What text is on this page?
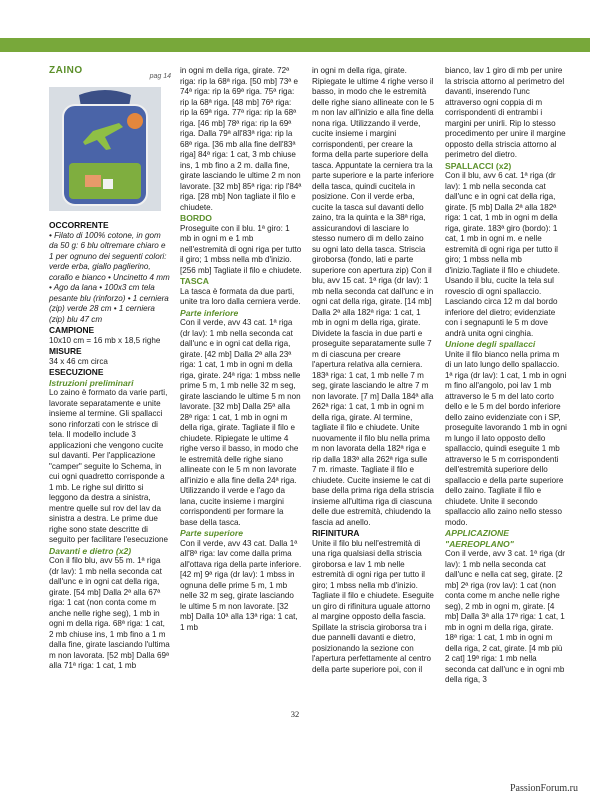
ZAINO
pag 14

OCCORRENTE

• Filato di 100% cotone, in gom da 50 g: 6 blu oltremare chiaro e 1 per ognuno dei seguenti colori: verde erba, giallo paglierino, corallo e bianco • Uncinetto 4 mm • Ago da lana • 100x3 cm tela pesante blu (rinforzo) • 1 cerniera (zip) verde 28 cm • 1 cerniera (zip) blu 47 cm

CAMPIONE

10x10 cm = 16 mb x 18,5 righe

MISURE

34 x 46 cm circa

ESECUZIONE

Istruzioni preliminari

Lo zaino è formato da varie parti, lavorate separatamente e unite insieme al termine. Gli spallacci sono rinforzati con le strisce di tela. Il modello include 3 applicazioni che vengono cucite sul davanti. Per l'applicazione "camper" seguite lo Schema, in cui ogni quadretto corrisponde a 1 mb. Le righe sul diritto si leggono da destra a sinistra, mentre quelle sul rov del lav da sinistra a destra. Le prime due righe sono state descritte di seguito per facilitare l'esecuzione

Davanti e dietro (x2)

Con il filo blu, avv 55 m. 1ª riga (dr lav): 1 mb nella seconda cat dall'unc e in ogni cat della riga, girate. [54 mb] Dalla 2ª alla 67ª riga: 1 cat (non conta come m anche nelle righe seg), 1 mb in ogni m della riga. 68ª riga: 1 cat, 2 mb chiuse ins, 1 mb fino a 1 m dalla fine, girate lasciando l'ultima m non lavorata. [52 mb] Dalla 69ª alla 71ª riga: 1 cat, 1 mb

in ogni m della riga, girate. 72ª riga: rip la 68ª riga. [50 mb] 73ª e 74ª riga: rip la 69ª riga. 75ª riga: rip la 68ª riga. [48 mb] 76ª riga: rip la 69ª riga. 77ª riga: rip la 68ª riga. [46 mb] 78ª riga: rip la 69ª riga. Dalla 79ª all'83ª riga: rip la 68ª riga. [36 mb alla fine dell'83ª riga] 84ª riga: 1 cat, 3 mb chiuse ins, 1 mb fino a 2 m. dalla fine, girate lasciando le ultime 2 m non lavorate. [32 mb] 85ª riga: rip l'84ª riga. [28 mb] Non tagliate il filo e chiudete.

BORDO

Proseguite con il blu. 1ª giro: 1 mb in ogni m e 1 mb nell'estremità di ogni riga per tutto il giro; 1 mbss nella mb d'inizio. [256 mb] Tagliate il filo e chiudete.

TASCA

La tasca è formata da due parti, unite tra loro dalla cerniera verde.

Parte inferiore

Con il verde, avv 43 cat. 1ª riga (dr lav): 1 mb nella seconda cat dall'unc e in ogni cat della riga, girate. [42 mb] Dalla 2ª alla 23ª riga: 1 cat, 1 mb in ogni m della riga, girate. 24ª riga: 1 mbss nelle prime 5 m, 1 mb nelle 32 m seg, girate lasciando le ultime 5 m non lavorate. [32 mb] Dalla 25ª alla 28ª riga: 1 cat, 1 mb in ogni m della riga, girate. Tagliate il filo e chiudete. Ripiegate le ultime 4 righe verso il basso, in modo che le estremità delle righe siano allineate con le 5 m non lavorate all'inizio e alla fine della 24ª riga. Utilizzando il verde e l'ago da lana, cucite insieme i margini corrispondenti per formare la base della tasca.

Parte superiore

Con il verde, avv 43 cat. Dalla 1ª all'8ª riga: lav come dalla prima all'ottava riga della parte inferiore. [42 m] 9ª riga (dr lav): 1 mbss in ognuna delle prime 5 m, 1 mb nelle 32 m seg, girate lasciando le ultime 5 m non lavorate. [32 mb] Dalla 10ª alla 13ª riga: 1 cat, 1 mb

in ogni m della riga, girate. Ripiegate le ultime 4 righe verso il basso, in modo che le estremità delle righe siano allineate con le 5 m non lav all'inizio e alla fine della nona riga. Utilizzando il verde, cucite insieme i margini corrispondenti, per creare la forma della parte superiore della tasca. Appuntate la cerniera tra la parte superiore e la parte inferiore della tasca, quindi cucitela in posizione. Con il verde erba, cucite la tasca sul davanti dello zaino, tra la quinta e la 38ª riga, assicurandovi di lasciare lo stesso numero di m dello zaino su ogni lato della tasca. Striscia giroborsa (fondo, lati e parte superiore con apertura zip) Con il blu, avv 15 cat. 1ª riga (dr lav): 1 mb nella seconda cat dall'unc e in ogni cat della riga, girate. [14 mb] Dalla 2ª alla 182ª riga: 1 cat, 1 mb in ogni m della riga, girate. Dividete la fascia in due parti e proseguite separatamente sulle 7 m di ciascuna per creare l'apertura relativa alla cerniera. 183ª riga: 1 cat, 1 mb nelle 7 m seg, girate lasciando le altre 7 m non lavorate. [7 m] Dalla 184ª alla 262ª riga: 1 cat, 1 mb in ogni m della riga, girate. Al termine, tagliate il filo e chiudete. Unite nuovamente il filo blu nella prima m non lavorata della 182ª riga e rip dalla 183ª alla 262ª riga sulle 7 m. rimaste. Tagliate il filo e chiudete. Cucite insieme le cat di base della prima riga della striscia insieme all'ultima riga di ciascuna delle due estremità, chiudendo la fascia ad anello.

RIFINITURA

Unite il filo blu nell'estremità di una riga qualsiasi della striscia giroborsa e lav 1 mb nelle estremità di ogni riga per tutto il giro; 1 mbss nella mb d'inizio. Tagliate il filo e chiudete. Eseguite un giro di rifinitura uguale attorno al margine opposto della fascia. Spillate la striscia giroborsa tra i due pannelli davanti e dietro, posizionando la sezione con l'apertura perfettamente al centro della parte superiore poi, con il

bianco, lav 1 giro di mb per unire la striscia attorno al perimetro del davanti, inserendo l'unc attraverso ogni coppia di m corrispondenti di entrambi i margini per unirli. Rip lo stesso procedimento per unire il margine opposto della striscia attorno al perimetro del dietro.

SPALLACCI (x2)

Con il blu, avv 6 cat. 1ª riga (dr lav): 1 mb nella seconda cat dall'unc e in ogni cat della riga, girate. [5 mb] Dalla 2ª alla 182ª riga: 1 cat, 1 mb in ogni m della riga, girate. 183ª giro (bordo): 1 cat, 1 mb in ogni m. e nelle estremità di ogni riga per tutto il giro; 1 mbss nella mb d'inizio.Tagliate il filo e chiudete. Usando il blu, cucite la tela sul rovescio di ogni spallaccio. Lasciando circa 12 m dal bordo inferiore del dietro; evidenziate con i segnapunti le 5 m dove andrà unita ogni cinghia.

Unione degli spallacci

Unite il filo bianco nella prima m di un lato lungo dello spallaccio. 1ª riga (dr lav): 1 cat, 1 mb in ogni m fino all'angolo, poi lav 1 mb attraverso le 5 m del lato corto dello e le 5 m del bordo inferiore dello zaino evidenziate con i SP, proseguite lavorando 1 mb in ogni m lungo il lato opposto dello spallaccio, quindi eseguite 1 mb attraverso le 5 m corrispondenti dell'estremità superiore dello spallaccio e della parte superiore dello zaino. Tagliate il filo e chiudete. Unite il secondo spallaccio allo zaino nello stesso modo.

APPLICAZIONE "AEREOPLANO"

Con il verde, avv 3 cat. 1ª riga (dr lav): 1 mb nella seconda cat dall'unc e nella cat seg, girate. [2 mb] 2ª riga (rov lav): 1 cat (non conta come m anche nelle righe seg), 2 mb in ogni m, girate. [4 mb] Dalla 3ª alla 17ª riga: 1 cat, 1 mb in ogni m della riga, girate. 18ª riga: 1 cat, 1 mb in ogni m della riga, 2 cat, girate. [4 mb più 2 cat] 19ª riga: 1 mb nella seconda cat dall'unc e in ogni mb della riga, 3

32
PassionForum.ru
